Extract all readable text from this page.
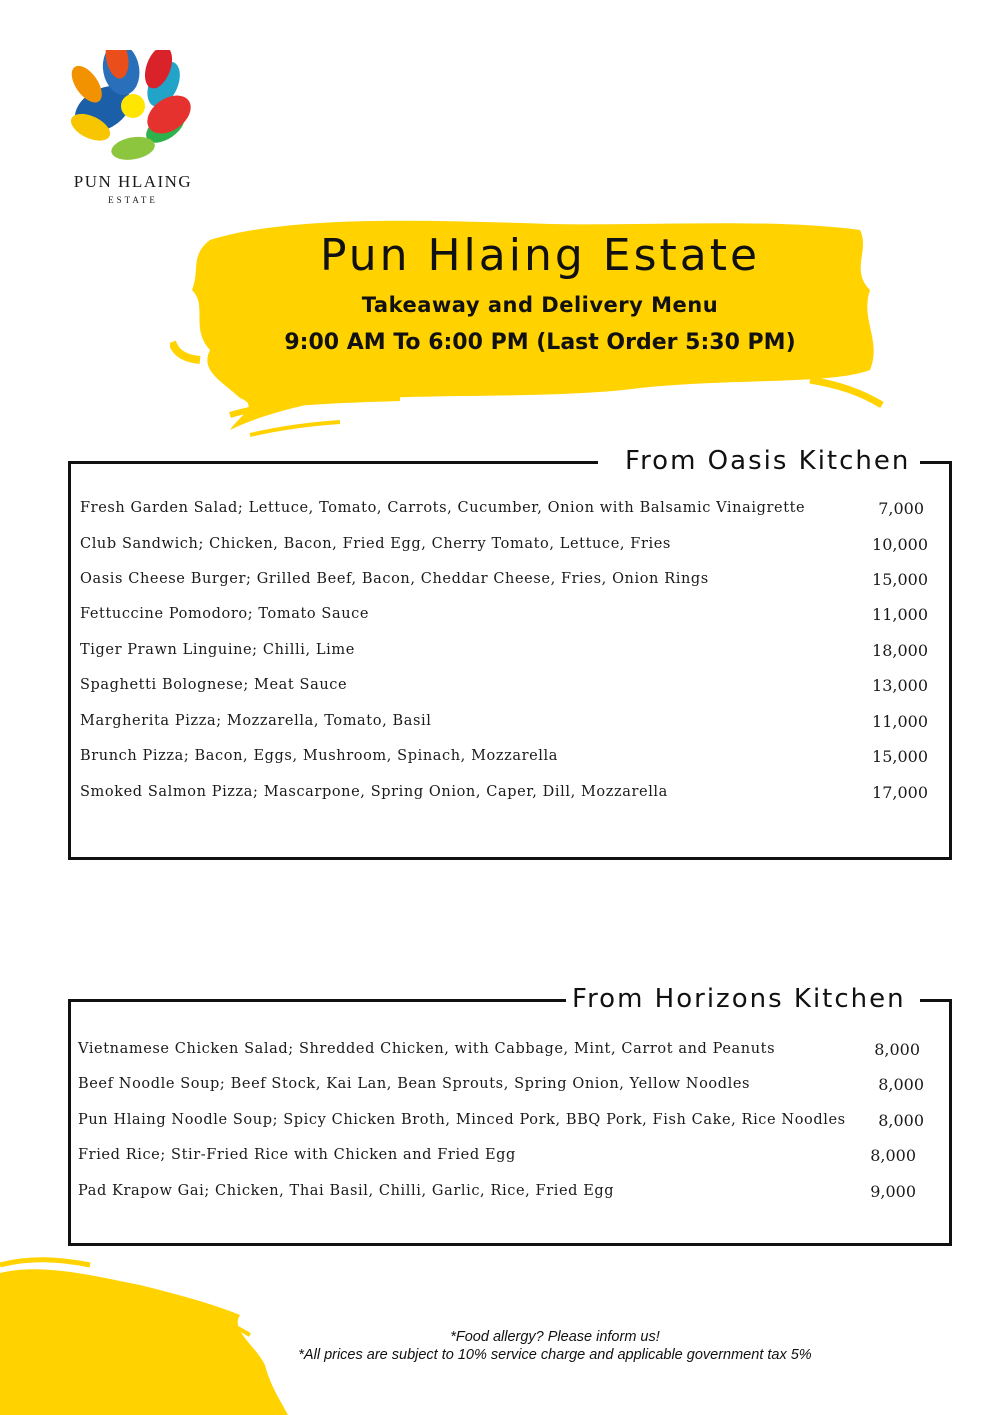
PUN HLAING
ESTATE
Pun Hlaing Estate
Takeaway and Delivery Menu
9:00 AM To 6:00 PM (Last Order 5:30 PM)
From Oasis Kitchen
Fresh Garden Salad; Lettuce, Tomato, Carrots, Cucumber, Onion with Balsamic Vinaigrette	7,000
Club Sandwich; Chicken, Bacon, Fried Egg, Cherry Tomato, Lettuce, Fries	10,000
Oasis Cheese Burger; Grilled Beef, Bacon, Cheddar Cheese, Fries, Onion Rings	15,000
Fettuccine Pomodoro; Tomato Sauce	11,000
Tiger Prawn Linguine; Chilli, Lime	18,000
Spaghetti Bolognese; Meat Sauce	13,000
Margherita Pizza; Mozzarella, Tomato, Basil	11,000
Brunch Pizza; Bacon, Eggs, Mushroom, Spinach, Mozzarella	15,000
Smoked Salmon Pizza; Mascarpone, Spring Onion, Caper, Dill, Mozzarella	17,000
From Horizons Kitchen
Vietnamese Chicken Salad; Shredded Chicken, with Cabbage, Mint, Carrot and Peanuts	8,000
Beef Noodle Soup; Beef Stock, Kai Lan, Bean Sprouts, Spring Onion, Yellow Noodles	8,000
Pun Hlaing Noodle Soup; Spicy Chicken Broth, Minced Pork, BBQ Pork, Fish Cake, Rice Noodles	8,000
Fried Rice; Stir-Fried Rice with Chicken and Fried Egg	8,000
Pad Krapow Gai; Chicken, Thai Basil, Chilli, Garlic, Rice, Fried Egg	9,000
*Food allergy? Please inform us!
*All prices are subject to 10% service charge and applicable government tax 5%
